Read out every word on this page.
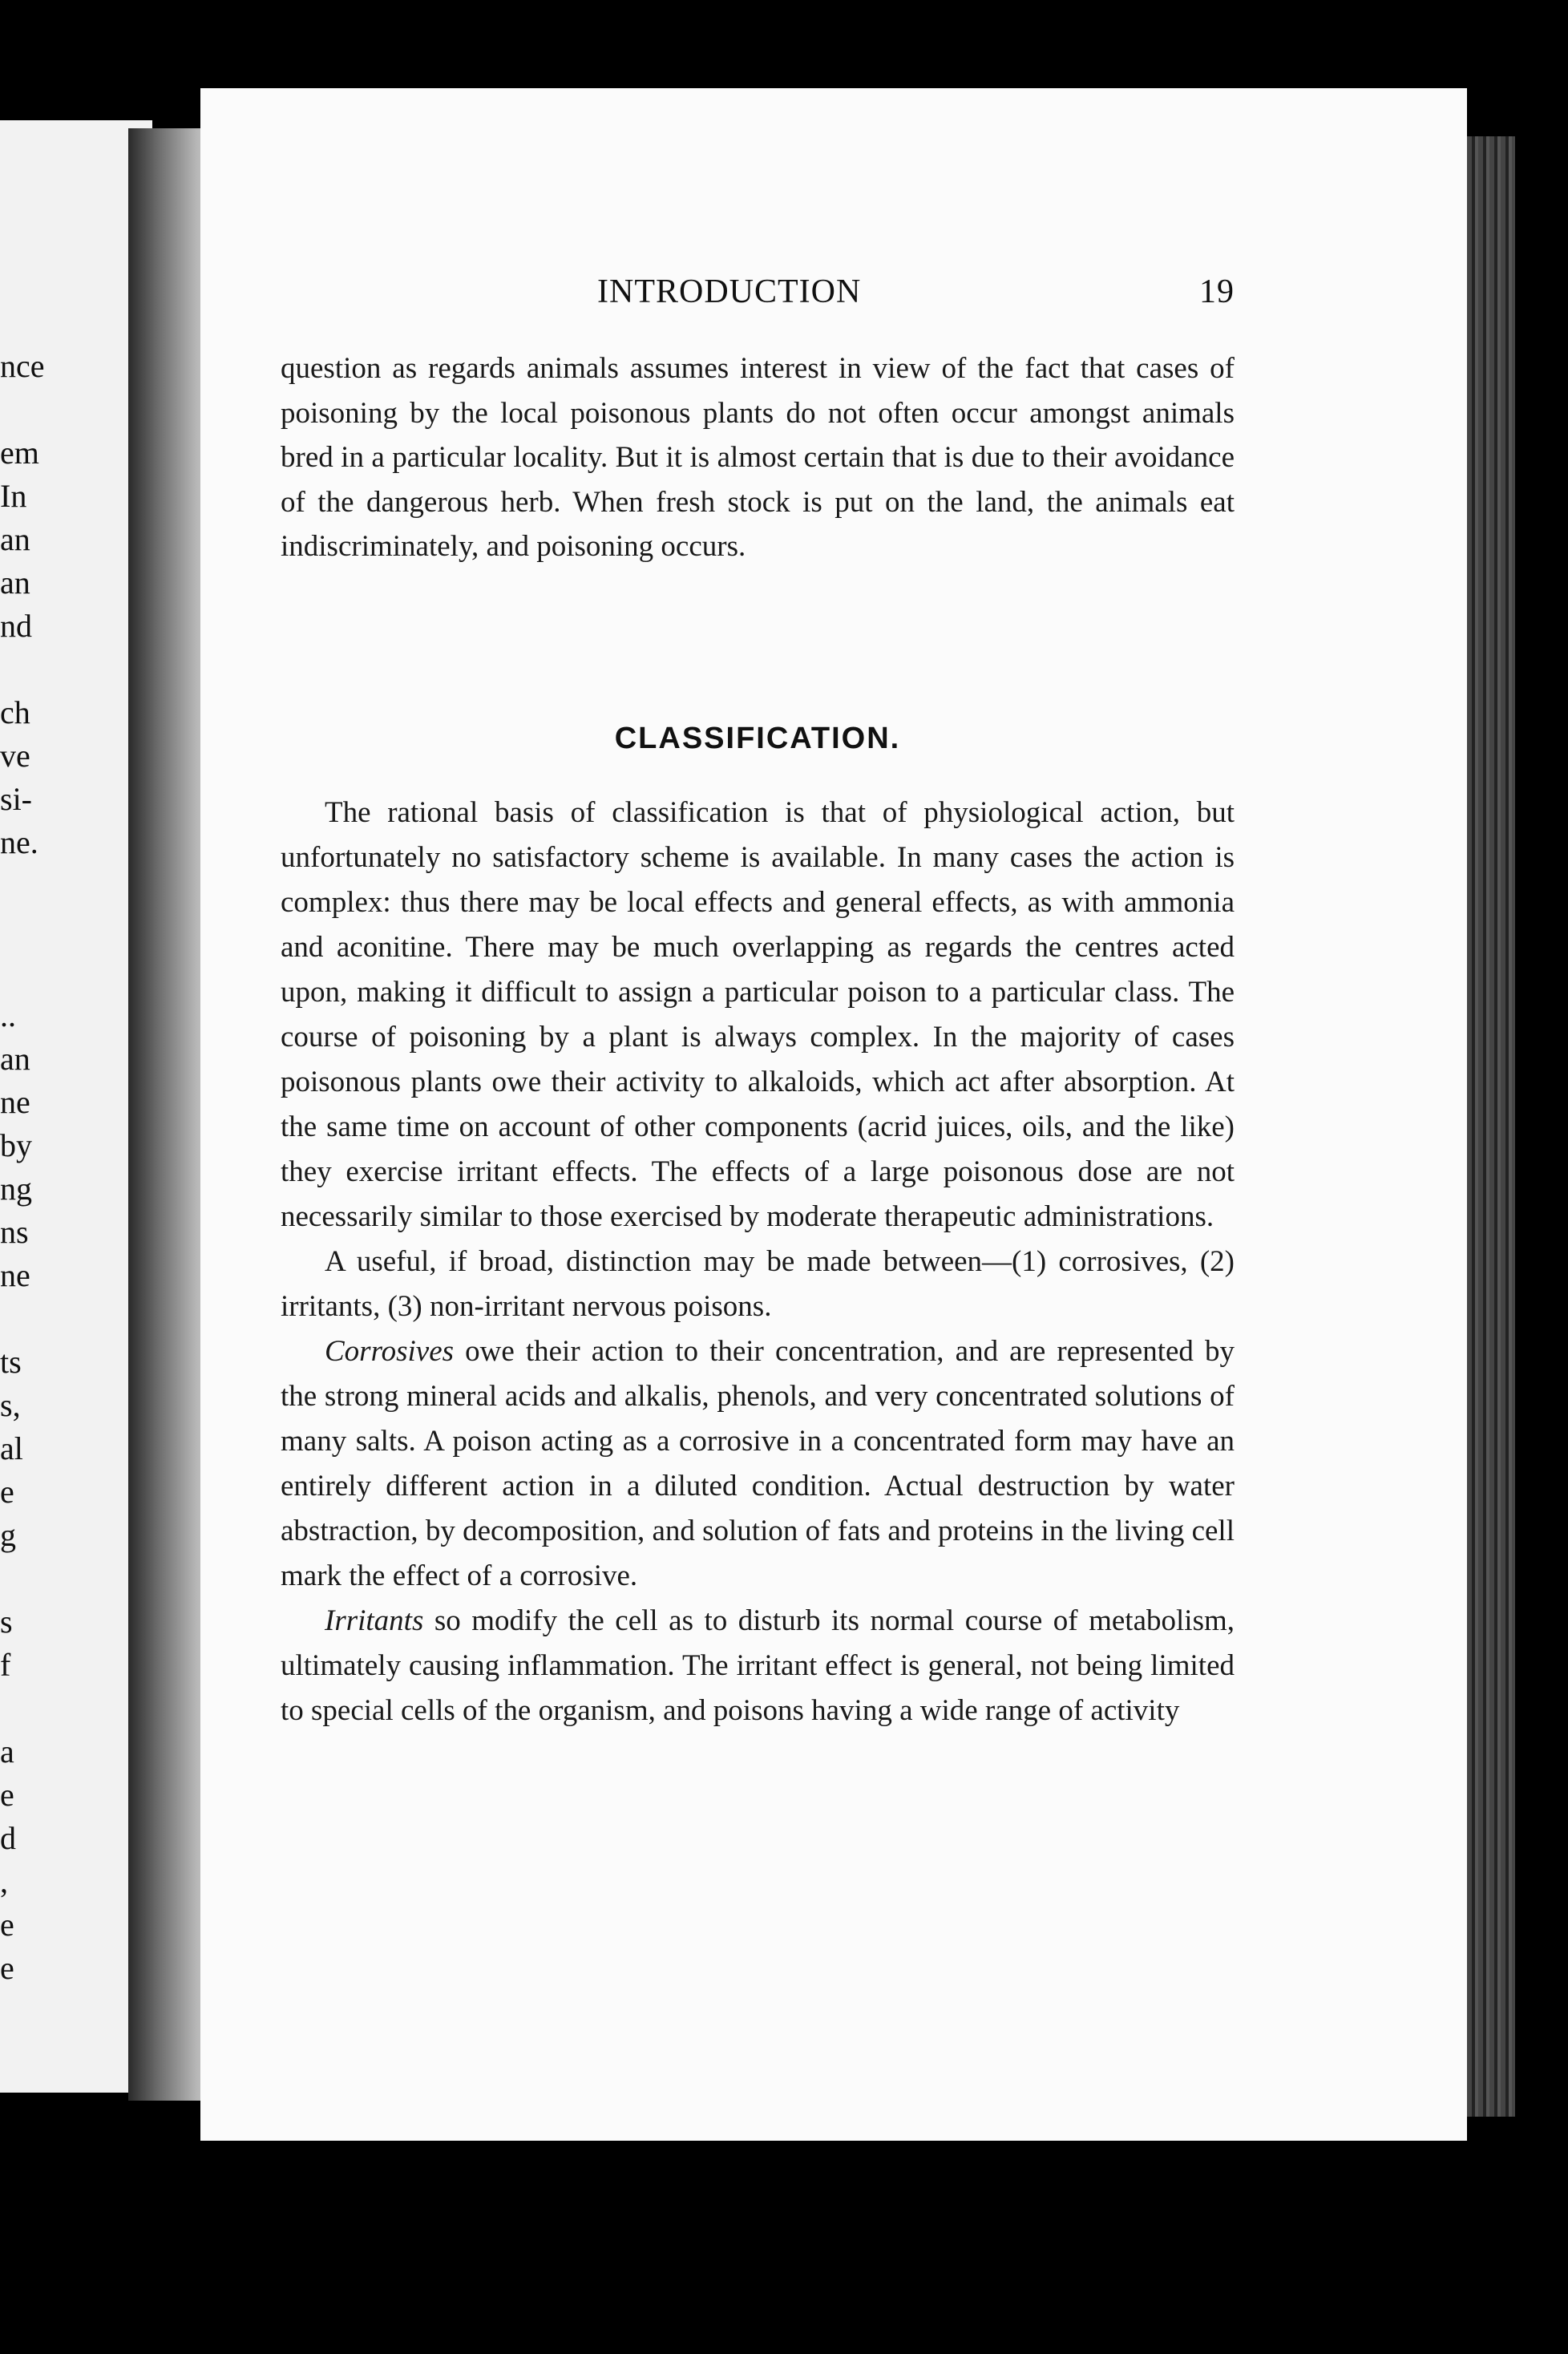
nce
em
In
an
an
nd
ch
ve
si-
ne.
..
an
ne
by
ng
ns
ne
ts
s,
al
e
g
s
f
a
e
d
,
e
e
INTRODUCTION	19

question as regards animals assumes interest in view of the fact that cases of poisoning by the local poisonous plants do not often occur amongst animals bred in a particular locality. But it is almost certain that is due to their avoidance of the dangerous herb. When fresh stock is put on the land, the animals eat indiscriminately, and poisoning occurs.

CLASSIFICATION.

The rational basis of classification is that of physiological action, but unfortunately no satisfactory scheme is available. In many cases the action is complex: thus there may be local effects and general effects, as with ammonia and aconitine. There may be much overlapping as regards the centres acted upon, making it difficult to assign a particular poison to a particular class. The course of poisoning by a plant is always complex. In the majority of cases poisonous plants owe their activity to alkaloids, which act after absorption. At the same time on account of other components (acrid juices, oils, and the like) they exercise irritant effects. The effects of a large poisonous dose are not necessarily similar to those exercised by moderate therapeutic administrations.

A useful, if broad, distinction may be made between—(1) corrosives, (2) irritants, (3) non-irritant nervous poisons.

Corrosives owe their action to their concentration, and are represented by the strong mineral acids and alkalis, phenols, and very concentrated solutions of many salts. A poison acting as a corrosive in a concentrated form may have an entirely different action in a diluted condition. Actual destruction by water abstraction, by decomposition, and solution of fats and proteins in the living cell mark the effect of a corrosive.

Irritants so modify the cell as to disturb its normal course of metabolism, ultimately causing inflammation. The irritant effect is general, not being limited to special cells of the organism, and poisons having a wide range of activity
